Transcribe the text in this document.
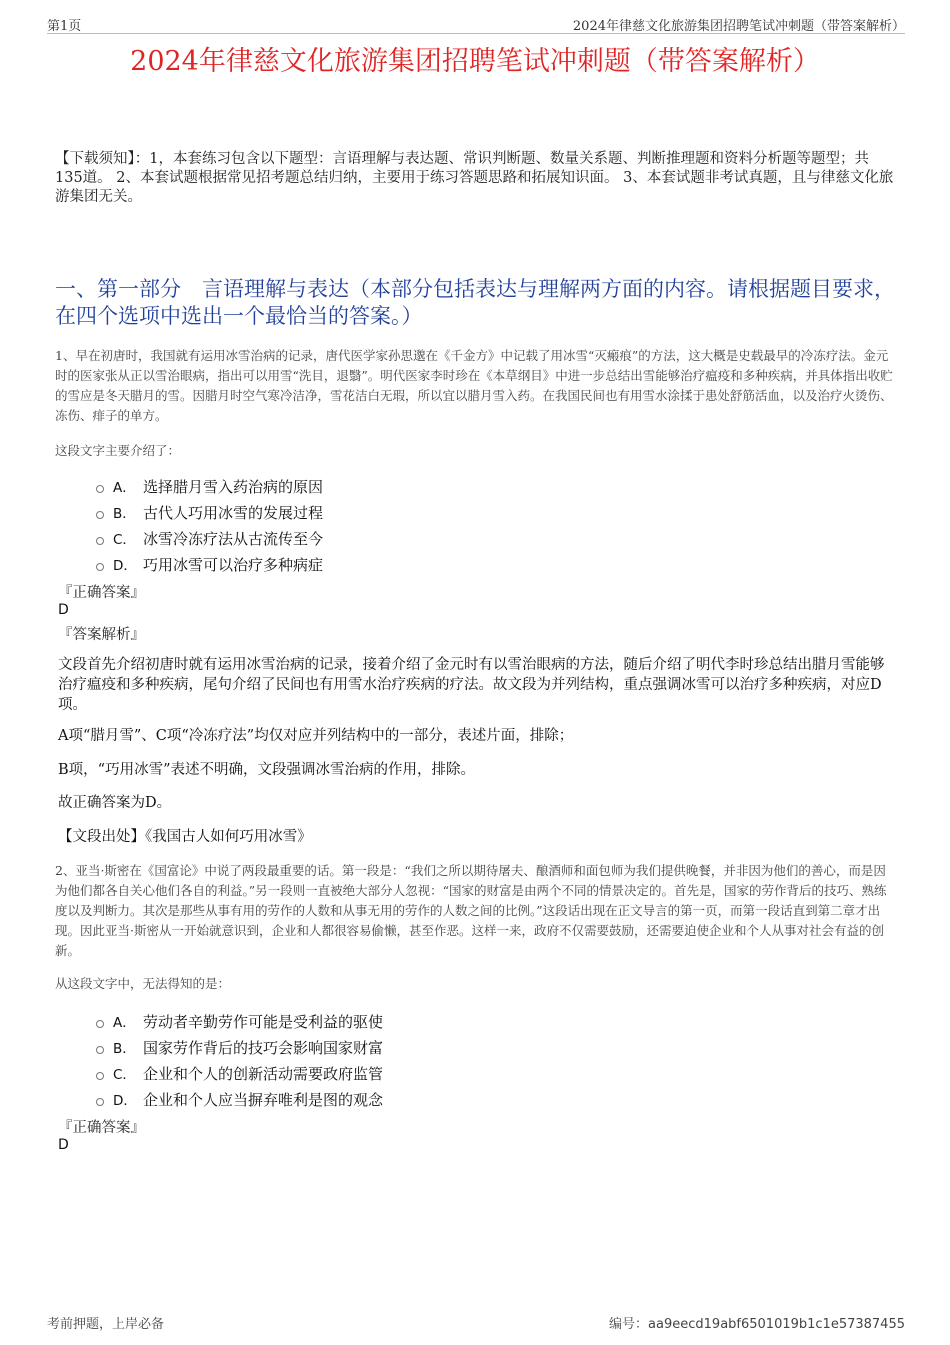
第1页	2024年律慈文化旅游集团招聘笔试冲刺题（带答案解析）
2024年律慈文化旅游集团招聘笔试冲刺题（带答案解析）
【下载须知】：1，本套练习包含以下题型：言语理解与表达题、常识判断题、数量关系题、判断推理题和资料分析题等题型；共135道。 2、本套试题根据常见招考题总结归纳，主要用于练习答题思路和拓展知识面。 3、本套试题非考试真题，且与律慈文化旅游集团无关。
一、第一部分　言语理解与表达（本部分包括表达与理解两方面的内容。请根据题目要求，在四个选项中选出一个最恰当的答案。）
1、早在初唐时，我国就有运用冰雪治病的记录，唐代医学家孙思邈在《千金方》中记载了用冰雪“灭瘢痕”的方法，这大概是史载最早的冷冻疗法。金元时的医家张从正以雪治眼病，指出可以用雪“洗目，退翳”。明代医家李时珍在《本草纲目》中进一步总结出雪能够治疗瘟疫和多种疾病，并具体指出收贮的雪应是冬天腊月的雪。因腊月时空气寒冷洁净，雪花洁白无瑕，所以宜以腊月雪入药。在我国民间也有用雪水涂揉于患处舒筋活血，以及治疗火烫伤、冻伤、痱子的单方。
这段文字主要介绍了：
A． 选择腊月雪入药治病的原因
B． 古代人巧用冰雪的发展过程
C． 冰雪冷冻疗法从古流传至今
D． 巧用冰雪可以治疗多种病症
『正确答案』
D
『答案解析』
文段首先介绍初唐时就有运用冰雪治病的记录，接着介绍了金元时有以雪治眼病的方法，随后介绍了明代李时珍总结出腊月雪能够治疗瘟疫和多种疾病，尾句介绍了民间也有用雪水治疗疾病的疗法。故文段为并列结构，重点强调冰雪可以治疗多种疾病，对应D项。
A项“腊月雪”、C项“冷冻疗法”均仅对应并列结构中的一部分，表述片面，排除；
B项，“巧用冰雪”表述不明确，文段强调冰雪治病的作用，排除。
故正确答案为D。
【文段出处】《我国古人如何巧用冰雪》
2、亚当·斯密在《国富论》中说了两段最重要的话。第一段是：“我们之所以期待屠夫、酿酒师和面包师为我们提供晚餐，并非因为他们的善心，而是因为他们都各自关心他们各自的利益。”另一段则一直被绝大部分人忽视：“国家的财富是由两个不同的情景决定的。首先是，国家的劳作背后的技巧、熟练度以及判断力。其次是那些从事有用的劳作的人数和从事无用的劳作的人数之间的比例。”这段话出现在正文导言的第一页，而第一段话直到第二章才出现。因此亚当·斯密从一开始就意识到，企业和人都很容易偷懒，甚至作恶。这样一来，政府不仅需要鼓励，还需要迫使企业和个人从事对社会有益的创新。
从这段文字中，无法得知的是：
A． 劳动者辛勤劳作可能是受利益的驱使
B． 国家劳作背后的技巧会影响国家财富
C． 企业和个人的创新活动需要政府监管
D． 企业和个人应当摒弃唯利是图的观念
『正确答案』
D
考前押题，上岸必备	编号：aa9eecd19abf6501019b1c1e57387455
